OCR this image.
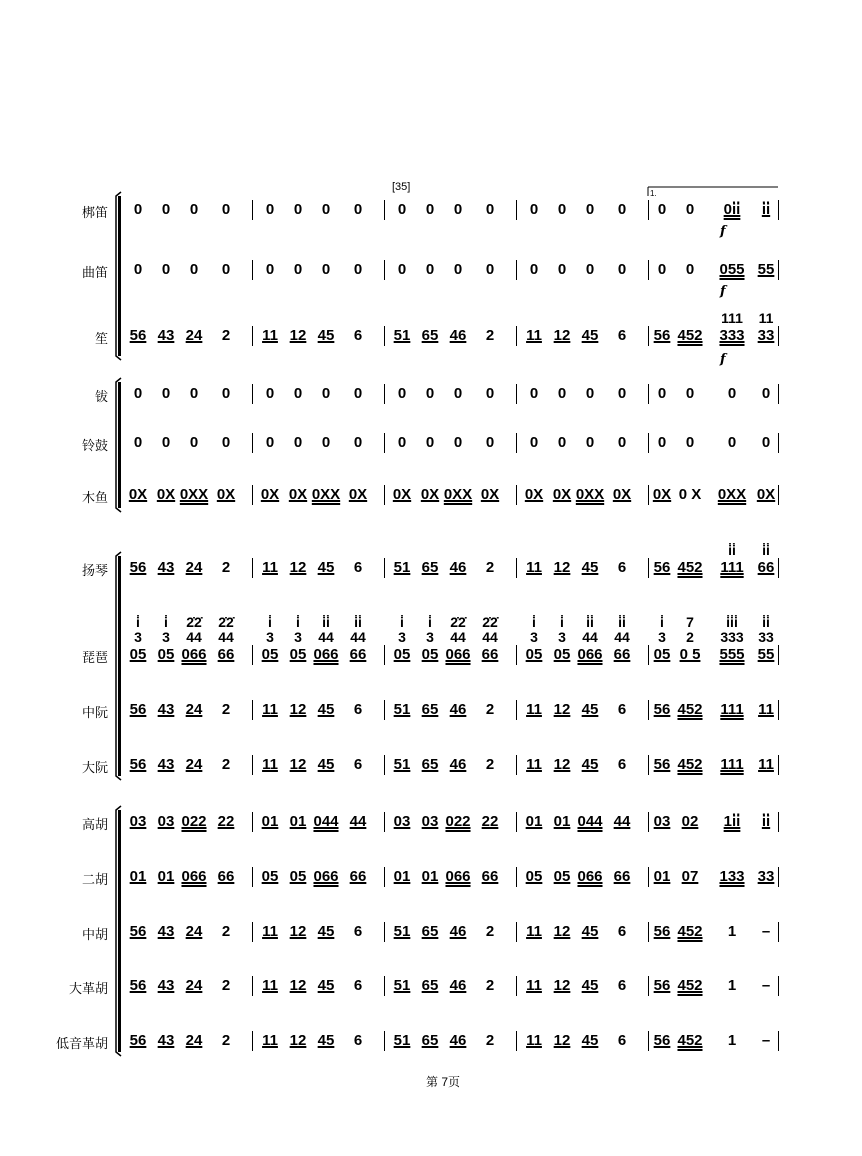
[35]
1.
梆笛 0 0 0 0 0 0 0 0 0 0 0 0 0 0 0 0 0 0 0i̇i̇ i̇i̇
曲笛 0 0 0 0 0 0 0 0 0 0 0 0 0 0 0 0 0 0 055 55
笙 56 43 24 2 11 12 45 6 51 65 46 2 11 12 45 6 56 452 333
111
33
11
钹 0 0 0 0 0 0 0 0 0 0 0 0 0 0 0 0 0 0 0 0
铃鼓 0 0 0 0 0 0 0 0 0 0 0 0 0 0 0 0 0 0 0 0
木鱼 0X 0X 0XX 0X 0X 0X 0XX 0X 0X 0X 0XX 0X 0X 0X 0XX 0X 0X 0 X 0XX 0X
扬琴 56 43 24 2 11 12 45 6 51 65 46 2 11 12 45 6 56 452 111
i̇i̇
66
i̇i̇
琵琶 05
i̇
3
05
i̇
3
066
2̇2̇
44
66
2̇2̇
44
05
i̇
3
05
i̇
3
066
i̇i̇
44
66
i̇i̇
44
05
i̇
3
05
i̇
3
066
2̇2̇
44
66
2̇2̇
44
05
i̇
3
05
i̇
3
066
i̇i̇
44
66
i̇i̇
44
05
i̇
3
0 5
7
2
555
i̇i̇i̇
333
55
i̇i̇
33
中阮 56 43 24 2 11 12 45 6 51 65 46 2 11 12 45 6 56 452 111 11
大阮 56 43 24 2 11 12 45 6 51 65 46 2 11 12 45 6 56 452 111 11
高胡 03 03 022 22 01 01 044 44 03 03 022 22 01 01 044 44 03 02 1i̇i̇ i̇i̇
二胡 01 01 066 66 05 05 066 66 01 01 066 66 05 05 066 66 01 07 133 33
中胡 56 43 24 2 11 12 45 6 51 65 46 2 11 12 45 6 56 452 1 –
大革胡 56 43 24 2 11 12 45 6 51 65 46 2 11 12 45 6 56 452 1 –
低音革胡 56 43 24 2 11 12 45 6 51 65 46 2 11 12 45 6 56 452 1 –
f
f
f
第 7页
